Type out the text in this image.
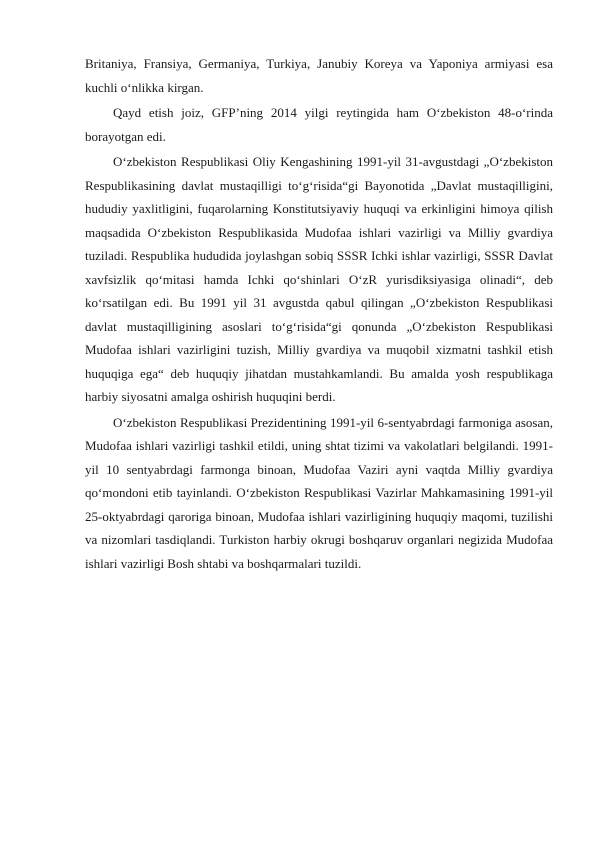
Britaniya, Fransiya, Germaniya, Turkiya, Janubiy Koreya va Yaponiya armiyasi esa kuchli o‘nlikka kirgan.

Qayd etish joiz, GFP’ning 2014 yilgi reytingida ham O‘zbekiston 48-o‘rinda borayotgan edi.

O‘zbekiston Respublikasi Oliy Kengashining 1991-yil 31-avgustdagi „O‘zbekiston Respublikasining davlat mustaqilligi to‘g‘risida“gi Bayonotida „Davlat mustaqilligini, hududiy yaxlitligini, fuqarolarning Konstitutsiyaviy huquqi va erkinligini himoya qilish maqsadida O‘zbekiston Respublikasida Mudofaa ishlari vazirligi va Milliy gvardiya tuziladi. Respublika hududida joylashgan sobiq SSSR Ichki ishlar vazirligi, SSSR Davlat xavfsizlik qo‘mitasi hamda Ichki qo‘shinlari O‘zR yurisdiksiyasiga olinadi“, deb ko‘rsatilgan edi. Bu 1991 yil 31 avgustda qabul qilingan „O‘zbekiston Respublikasi davlat mustaqilligining asoslari to‘g‘risida“gi qonunda „O‘zbekiston Respublikasi Mudofaa ishlari vazirligini tuzish, Milliy gvardiya va muqobil xizmatni tashkil etish huquqiga ega“ deb huquqiy jihatdan mustahkamlandi. Bu amalda yosh respublikaga harbiy siyosatni amalga oshirish huquqini berdi.

O‘zbekiston Respublikasi Prezidentining 1991-yil 6-sentyabrdagi farmoniga asosan, Mudofaa ishlari vazirligi tashkil etildi, uning shtat tizimi va vakolatlari belgilandi. 1991-yil 10 sentyabrdagi farmonga binoan, Mudofaa Vaziri ayni vaqtda Milliy gvardiya qo‘mondoni etib tayinlandi. O‘zbekiston Respublikasi Vazirlar Mahkamasining 1991-yil 25-oktyabrdagi qaroriga binoan, Mudofaa ishlari vazirligining huquqiy maqomi, tuzilishi va nizomlari tasdiqlandi. Turkiston harbiy okrugi boshqaruv organlari negizida Mudofaa ishlari vazirligi Bosh shtabi va boshqarmalari tuzildi.
